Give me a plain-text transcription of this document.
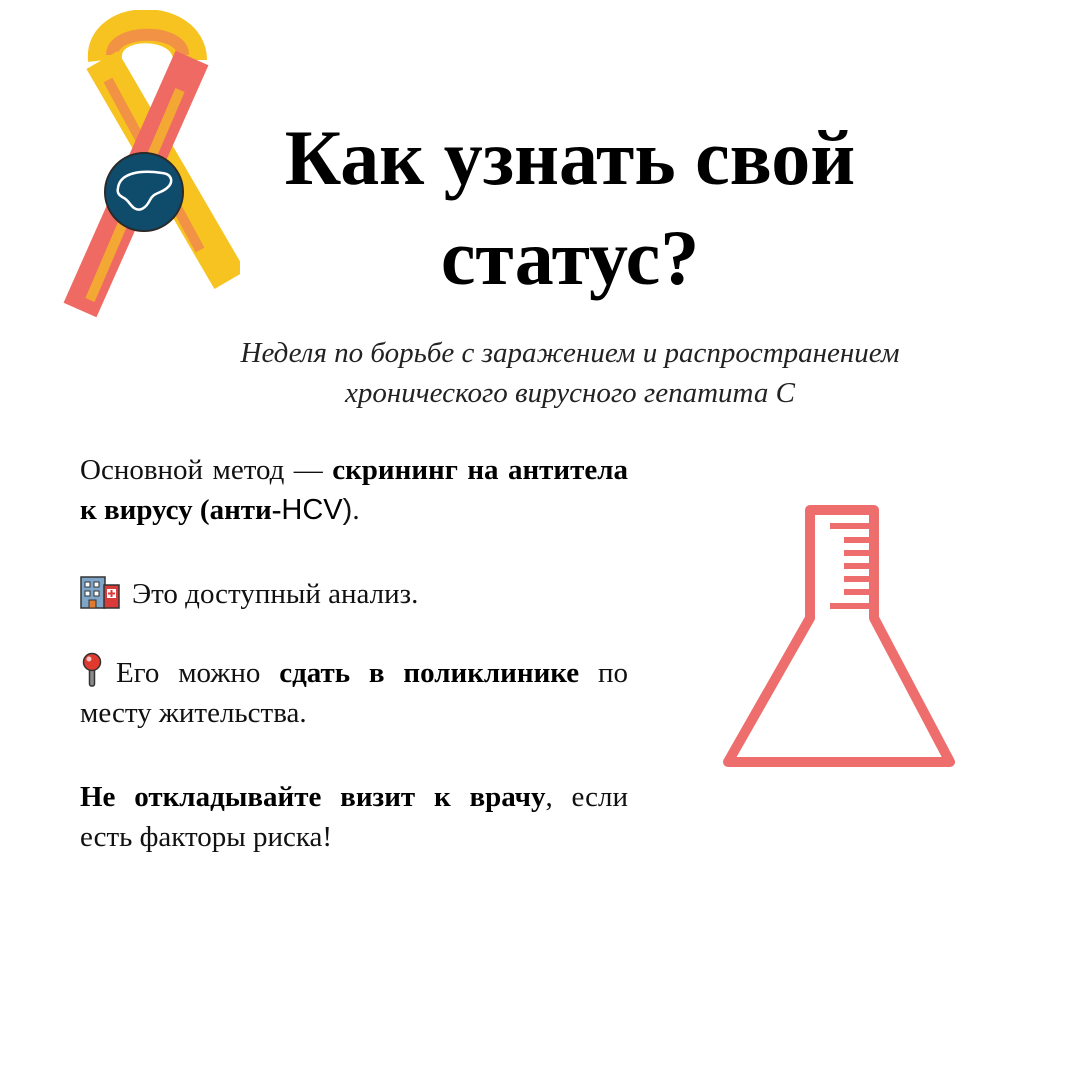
Как узнать свой
статус?

Неделя по борьбе с заражением и распространением
хронического вирусного гепатита С

Основной метод — скрининг на антитела к вирусу (анти-HCV).

Это доступный анализ.

Его можно сдать в поликлинике по месту жительства.

Не откладывайте визит к врачу, если есть факторы риска!
